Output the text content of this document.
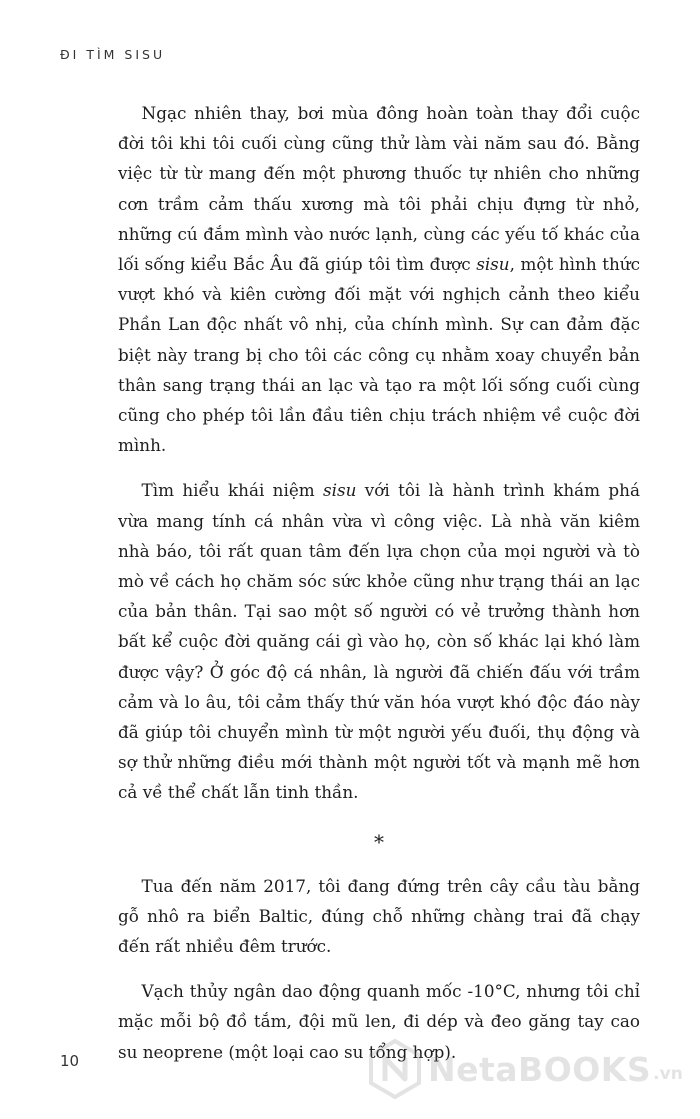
ĐI TÌM SISU

Ngạc nhiên thay, bơi mùa đông hoàn toàn thay đổi cuộc đời tôi khi tôi cuối cùng cũng thử làm vài năm sau đó. Bằng việc từ từ mang đến một phương thuốc tự nhiên cho những cơn trầm cảm thấu xương mà tôi phải chịu đựng từ nhỏ, những cú đắm mình vào nước lạnh, cùng các yếu tố khác của lối sống kiểu Bắc Âu đã giúp tôi tìm được sisu, một hình thức vượt khó và kiên cường đối mặt với nghịch cảnh theo kiểu Phần Lan độc nhất vô nhị, của chính mình. Sự can đảm đặc biệt này trang bị cho tôi các công cụ nhằm xoay chuyển bản thân sang trạng thái an lạc và tạo ra một lối sống cuối cùng cũng cho phép tôi lần đầu tiên chịu trách nhiệm về cuộc đời mình.

Tìm hiểu khái niệm sisu với tôi là hành trình khám phá vừa mang tính cá nhân vừa vì công việc. Là nhà văn kiêm nhà báo, tôi rất quan tâm đến lựa chọn của mọi người và tò mò về cách họ chăm sóc sức khỏe cũng như trạng thái an lạc của bản thân. Tại sao một số người có vẻ trưởng thành hơn bất kể cuộc đời quăng cái gì vào họ, còn số khác lại khó làm được vậy? Ở góc độ cá nhân, là người đã chiến đấu với trầm cảm và lo âu, tôi cảm thấy thứ văn hóa vượt khó độc đáo này đã giúp tôi chuyển mình từ một người yếu đuối, thụ động và sợ thử những điều mới thành một người tốt và mạnh mẽ hơn cả về thể chất lẫn tinh thần.

*

Tua đến năm 2017, tôi đang đứng trên cây cầu tàu bằng gỗ nhô ra biển Baltic, đúng chỗ những chàng trai đã chạy đến rất nhiều đêm trước.

Vạch thủy ngân dao động quanh mốc -10°C, nhưng tôi chỉ mặc mỗi bộ đồ tắm, đội mũ len, đi dép và đeo găng tay cao su neoprene (một loại cao su tổng hợp).

10	NetaBOOKS .vn
